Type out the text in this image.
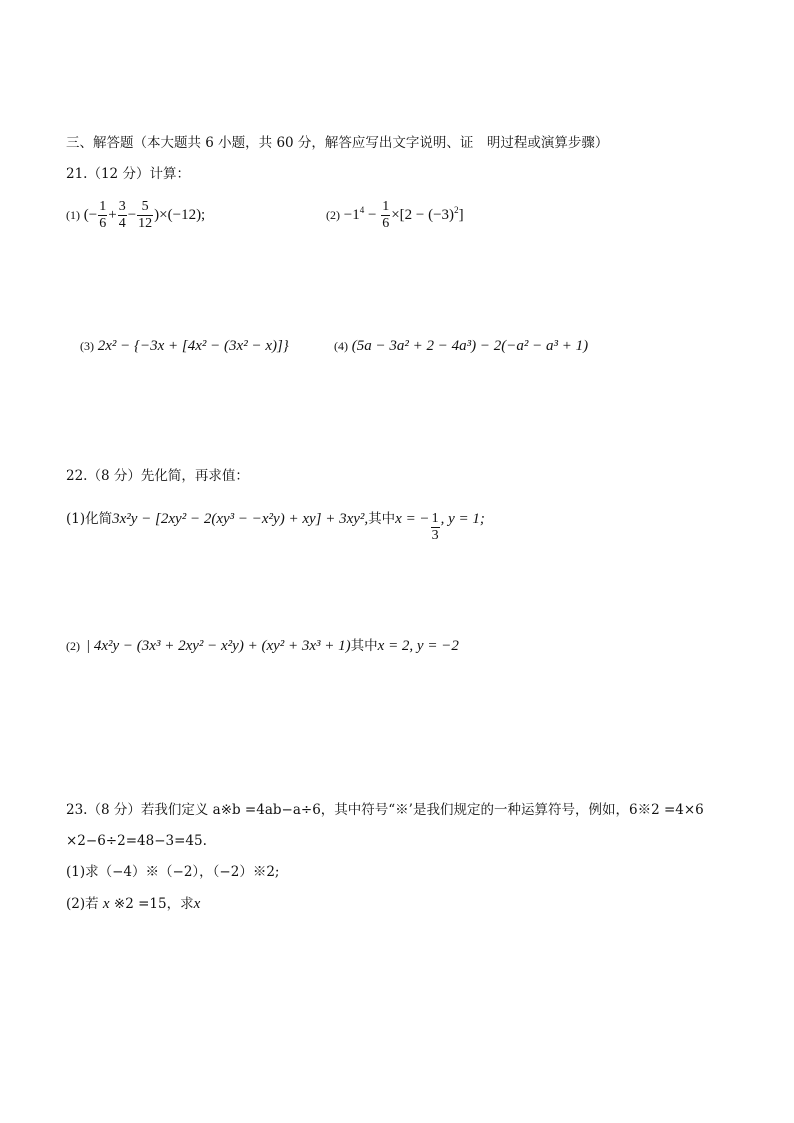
三、解答题（本大题共 6 小题，共 60 分，解答应写出文字说明、证　明过程或演算步骤）
21.（12 分）计算：
(1) (− $\frac{1}{6} + \frac{3}{4} - \frac{5}{12} )\times(-12)$;	$(2) -1^4 - \frac{1}{6} \times[2 - (-3)^2]$
(3) 2x² − {−3x + [4x² − (3x² − x)]}	(4) (5a − 3a² + 2 − 4a³) − 2(−a² − a³ + 1)
22.（8 分）先化简，再求值：
(1)化简3x²y − [2xy² − 2(xy³ − −x²y) + xy] + 3xy²,其中x = − $\frac{1}{3}$ , y = 1;
(2) | 4x²y − (3x³ + 2xy² − x²y) + (xy² + 3x³ + 1)其中x = 2, y = −2
23.（8 分）若我们定义 a※b =4ab−a÷6，其中符号“※’是我们规定的一种运算符号，例如，6※2 =4×6
×2−6÷2=48−3=45.
(1)求（−4）※（−2），（−2）※2;
(2)若 x ※2 =15，求x
